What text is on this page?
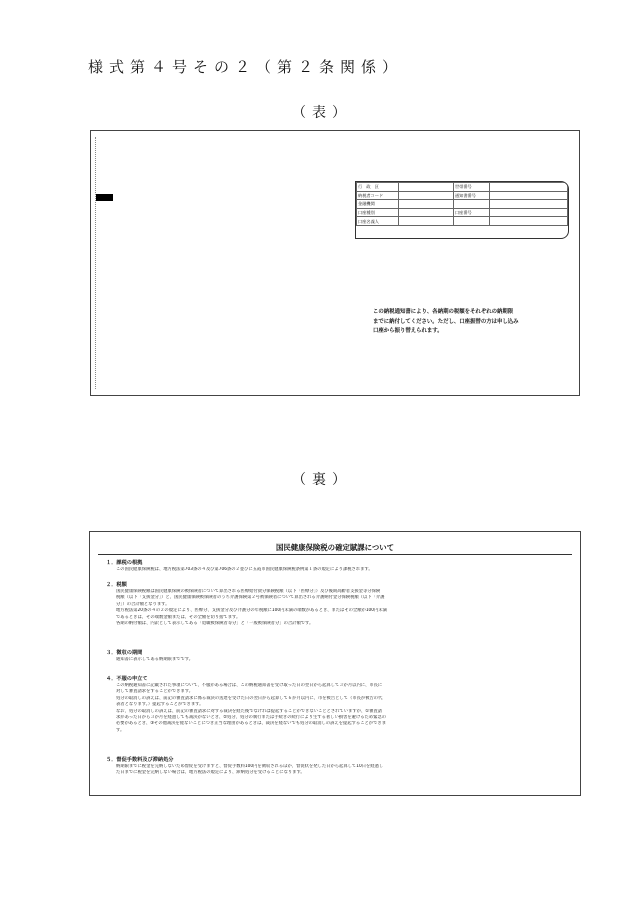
様式第４号その２（第２条関係）
（表）
行　政　区		世帯番号	
納税者コード		通知書番号	
金融機関			
口座種別		口座番号	
口座名義人			
この納税通知書により、各納期の税額をそれぞれの納期限
までに納付してください。ただし、口座振替の方は申し込み
口座から振り替えられます。
（裏）
国民健康保険税の確定賦課について
１．課税の根拠
この国民健康保険税は、地方税法第703条の４及び第706条の２並びに五霞市国民健康保険税条例第１条の規定により課税されます。
２．税額
国民健康保険税額は国民健康保険の被保険者について算出される医療給付費分保険税額（以下「医療分」）及び後期高齢者支援金等分保険
税額（以下「支援金分」）と、国民健康保険被保険者のうち介護保険第２号被保険者について算出される介護納付金分保険税額（以下「介護
分」）の合計額となります。
地方税法第20条の４の２の規定により、医療分、支援金分及び介護分の年税額に100円未満の端数があるとき、またはその全額が100円未満
であるときは、その端数金額または、その全額を切り捨てます。
各期の納付額は、内訳として表示してある「退職被保険者等分」と「一般被保険者分」の合計額です。
３．徴収の期間
通知書に表示してある納期限までです。
４．不服の申立て
この納税通知書に記載された事項について、不服がある場合は、この納税通知書を受け取った日の翌日から起算して３か月以内に、市長に
対して審査請求をすることができます。
処分の取消しの訴えは、前記の審査請求に係る裁決の送達を受けた日の翌日から起算して６か月以内に、市を被告として（市長が被告の代
表者となります。）提起することができます。
なお、処分の取消しの訴えは、前記の審査請求に対する裁決を経た後でなければ提起することができないこととされていますが、①審査請
求があった日から３か月を経過しても裁決がないとき、②処分、処分の執行または手続きの続行により生ずる著しい損害を避けるため緊急の
必要があるとき、③その他裁決を経ないことにつき正当な理由があるときは、裁決を経ないでも処分の取消しの訴えを提起することができま
す。
５．督促手数料及び滞納処分
納期限までに税金を完納しないため督促を受けますと、督促手数料100円を徴収されるほか、督促状を発した日から起算して10日を経過し
た日までに税金を完納しない場合は、地方税法の規定により、滞納処分を受けることになります。
